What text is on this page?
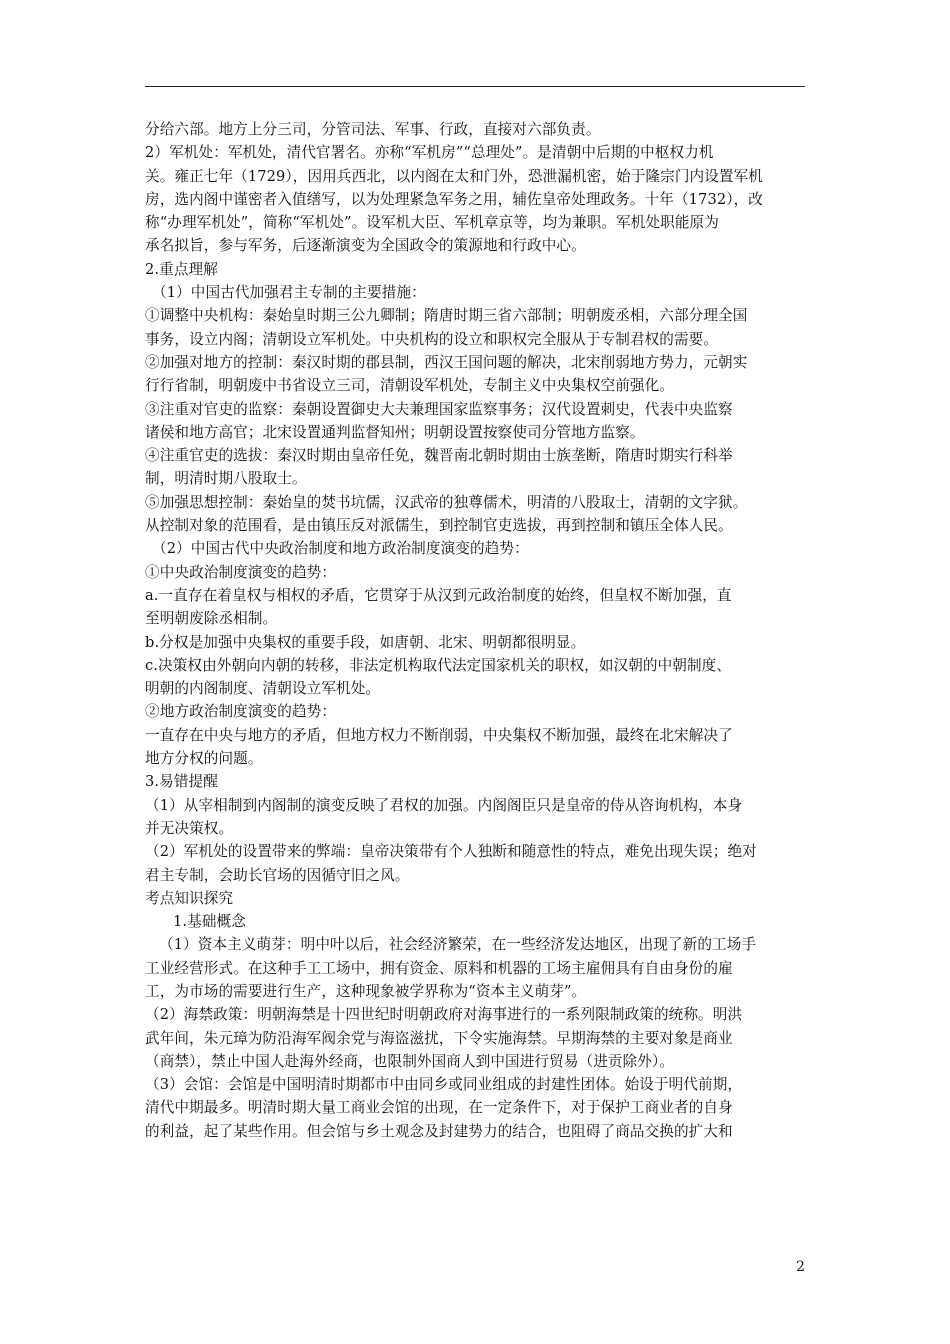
分给六部。地方上分三司，分管司法、军事、行政，直接对六部负责。
2）军机处：军机处，清代官署名。亦称“军机房”“总理处”。是清朝中后期的中枢权力机
关。雍正七年（1729），因用兵西北，以内阁在太和门外，恐泄漏机密，始于隆宗门内设置军机
房，选内阁中谨密者入值缮写，以为处理紧急军务之用，辅佐皇帝处理政务。十年（1732），改
称“办理军机处”，简称“军机处”。设军机大臣、军机章京等，均为兼职。军机处职能原为
承名拟旨，参与军务，后逐渐演变为全国政令的策源地和行政中心。
2.重点理解
（1）中国古代加强君主专制的主要措施：
①调整中央机构：秦始皇时期三公九卿制；隋唐时期三省六部制；明朝废丞相，六部分理全国
事务，设立内阁；清朝设立军机处。中央机构的设立和职权完全服从于专制君权的需要。
②加强对地方的控制：秦汉时期的郡县制，西汉王国问题的解决，北宋削弱地方势力，元朝实
行行省制，明朝废中书省设立三司，清朝设军机处，专制主义中央集权空前强化。
③注重对官吏的监察：秦朝设置御史大夫兼理国家监察事务；汉代设置刺史，代表中央监察
诸侯和地方高官；北宋设置通判监督知州；明朝设置按察使司分管地方监察。
④注重官吏的选拔：秦汉时期由皇帝任免，魏晋南北朝时期由士族垄断，隋唐时期实行科举
制，明清时期八股取士。
⑤加强思想控制：秦始皇的焚书坑儒，汉武帝的独尊儒术，明清的八股取士，清朝的文字狱。
从控制对象的范围看，是由镇压反对派儒生，到控制官吏选拔，再到控制和镇压全体人民。
（2）中国古代中央政治制度和地方政治制度演变的趋势：
①中央政治制度演变的趋势：
a.一直存在着皇权与相权的矛盾，它贯穿于从汉到元政治制度的始终，但皇权不断加强，直
至明朝废除丞相制。
b.分权是加强中央集权的重要手段，如唐朝、北宋、明朝都很明显。
c.决策权由外朝向内朝的转移，非法定机构取代法定国家机关的职权，如汉朝的中朝制度、
明朝的内阁制度、清朝设立军机处。
②地方政治制度演变的趋势：
一直存在中央与地方的矛盾，但地方权力不断削弱，中央集权不断加强，最终在北宋解决了
地方分权的问题。
3.易错提醒
（1）从宰相制到内阁制的演变反映了君权的加强。内阁阁臣只是皇帝的侍从咨询机构，本身
并无决策权。
（2）军机处的设置带来的弊端：皇帝决策带有个人独断和随意性的特点，难免出现失误；绝对
君主专制，会助长官场的因循守旧之风。
考点知识探究
1.基础概念
（1）资本主义萌芽：明中叶以后，社会经济繁荣，在一些经济发达地区，出现了新的工场手
工业经营形式。在这种手工工场中，拥有资金、原料和机器的工场主雇佣具有自由身份的雇
工，为市场的需要进行生产，这种现象被学界称为“资本主义萌芽”。
（2）海禁政策：明朝海禁是十四世纪时明朝政府对海事进行的一系列限制政策的统称。明洪
武年间，朱元璋为防沿海军阀余党与海盗滋扰，下令实施海禁。早期海禁的主要对象是商业
（商禁），禁止中国人赴海外经商，也限制外国商人到中国进行贸易（进贡除外）。
（3）会馆：会馆是中国明清时期都市中由同乡或同业组成的封建性团体。始设于明代前期，
清代中期最多。明清时期大量工商业会馆的出现，在一定条件下，对于保护工商业者的自身
的利益，起了某些作用。但会馆与乡土观念及封建势力的结合，也阻碍了商品交换的扩大和
2
